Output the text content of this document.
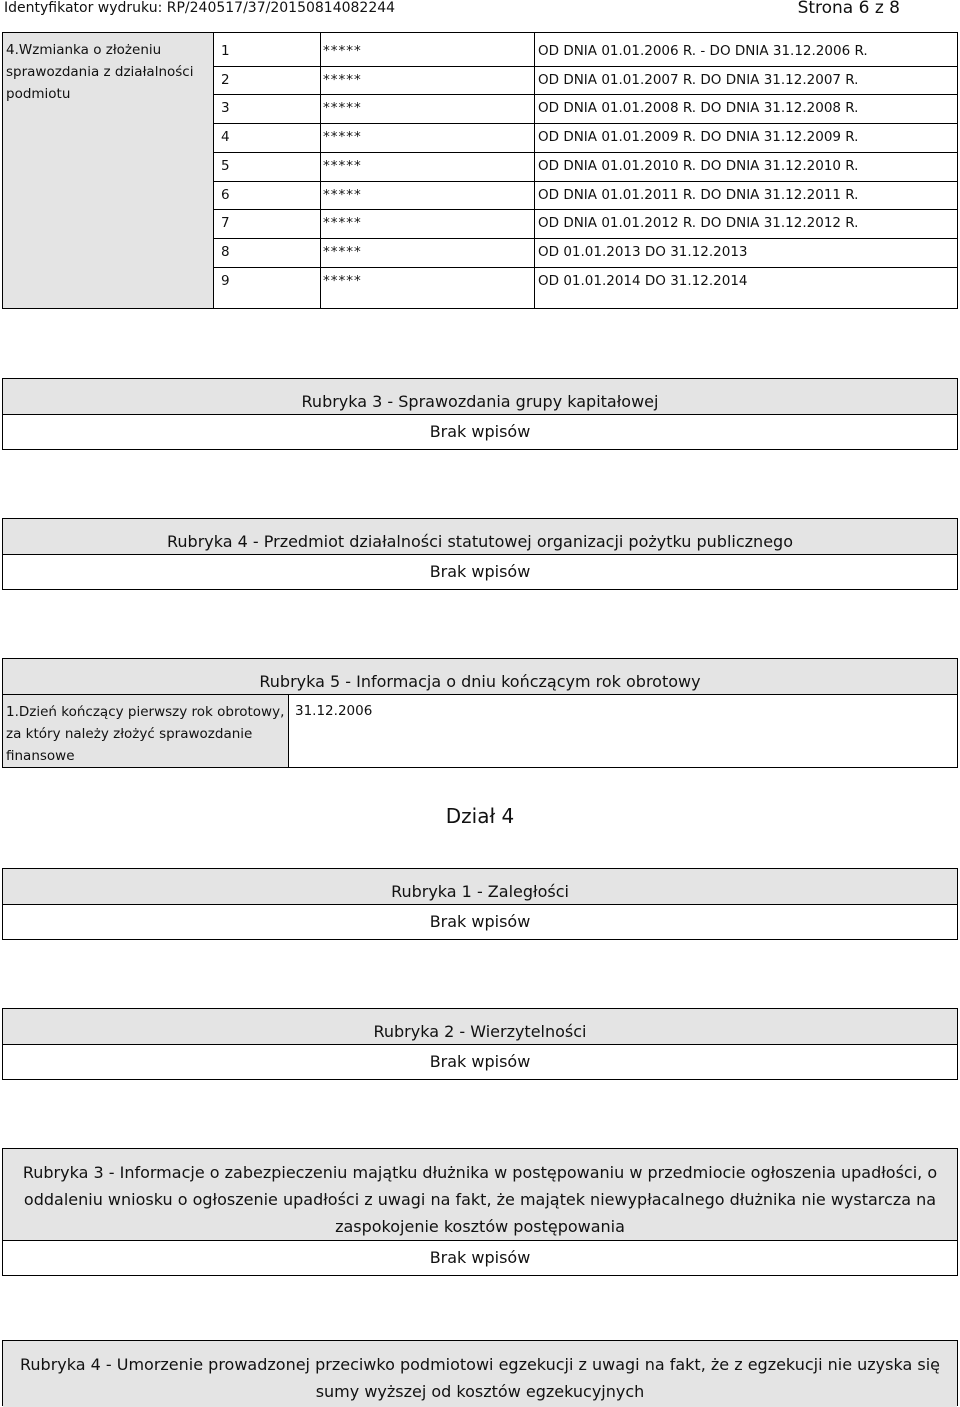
Identyfikator wydruku: RP/240517/37/20150814082244	Strona 6 z 8
4.Wzmianka o złożeniu sprawozdania z działalności podmiotu
1	*****	OD DNIA 01.01.2006 R. - DO DNIA 31.12.2006 R.
2	*****	OD DNIA 01.01.2007 R. DO DNIA 31.12.2007 R.
3	*****	OD DNIA 01.01.2008 R. DO DNIA 31.12.2008 R.
4	*****	OD DNIA 01.01.2009 R. DO DNIA 31.12.2009 R.
5	*****	OD DNIA 01.01.2010 R. DO DNIA 31.12.2010 R.
6	*****	OD DNIA 01.01.2011 R. DO DNIA 31.12.2011 R.
7	*****	OD DNIA 01.01.2012 R. DO DNIA 31.12.2012 R.
8	*****	OD 01.01.2013 DO 31.12.2013
9	*****	OD 01.01.2014 DO 31.12.2014
Rubryka 3 - Sprawozdania grupy kapitałowej
Brak wpisów
Rubryka 4 - Przedmiot działalności statutowej organizacji pożytku publicznego
Brak wpisów
Rubryka 5 - Informacja o dniu kończącym rok obrotowy
1.Dzień kończący pierwszy rok obrotowy, za który należy złożyć sprawozdanie finansowe
31.12.2006
Dział 4
Rubryka 1 - Zaległości
Brak wpisów
Rubryka 2 - Wierzytelności
Brak wpisów
Rubryka 3 - Informacje o zabezpieczeniu majątku dłużnika w postępowaniu w przedmiocie ogłoszenia upadłości, o oddaleniu wniosku o ogłoszenie upadłości z uwagi na fakt, że majątek niewypłacalnego dłużnika nie wystarcza na zaspokojenie kosztów postępowania
Brak wpisów
Rubryka 4 - Umorzenie prowadzonej przeciwko podmiotowi egzekucji z uwagi na fakt, że z egzekucji nie uzyska się sumy wyższej od kosztów egzekucyjnych
